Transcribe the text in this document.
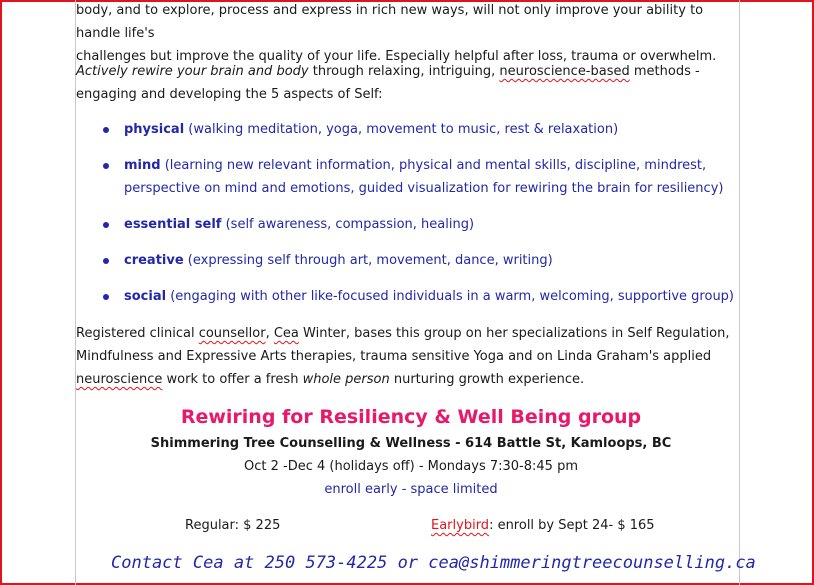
body, and to explore, process and express in rich new ways, will not only improve your ability to handle life's
challenges but improve the quality of your life. Especially helpful after loss, trauma or overwhelm.
Actively rewire your brain and body through relaxing, intriguing, neuroscience-based methods - engaging and developing the 5 aspects of Self:
physical (walking meditation, yoga, movement to music, rest & relaxation)
mind (learning new relevant information, physical and mental skills, discipline, mindrest, perspective on mind and emotions, guided visualization for rewiring the brain for resiliency)
essential self (self awareness, compassion, healing)
creative (expressing self through art, movement, dance, writing)
social (engaging with other like-focused individuals in a warm, welcoming, supportive group)
Registered clinical counsellor, Cea Winter, bases this group on her specializations in Self Regulation, Mindfulness and Expressive Arts therapies, trauma sensitive Yoga and on Linda Graham's applied neuroscience work to offer a fresh whole person nurturing growth experience.
Rewiring for Resiliency & Well Being group
Shimmering Tree Counselling & Wellness - 614 Battle St, Kamloops, BC
Oct 2 -Dec 4 (holidays off) - Mondays 7:30-8:45 pm
enroll early - space limited
Regular: $ 225	Earlybird: enroll by Sept 24- $ 165
Contact Cea at 250 573-4225 or cea@shimmeringtreecounselling.ca
